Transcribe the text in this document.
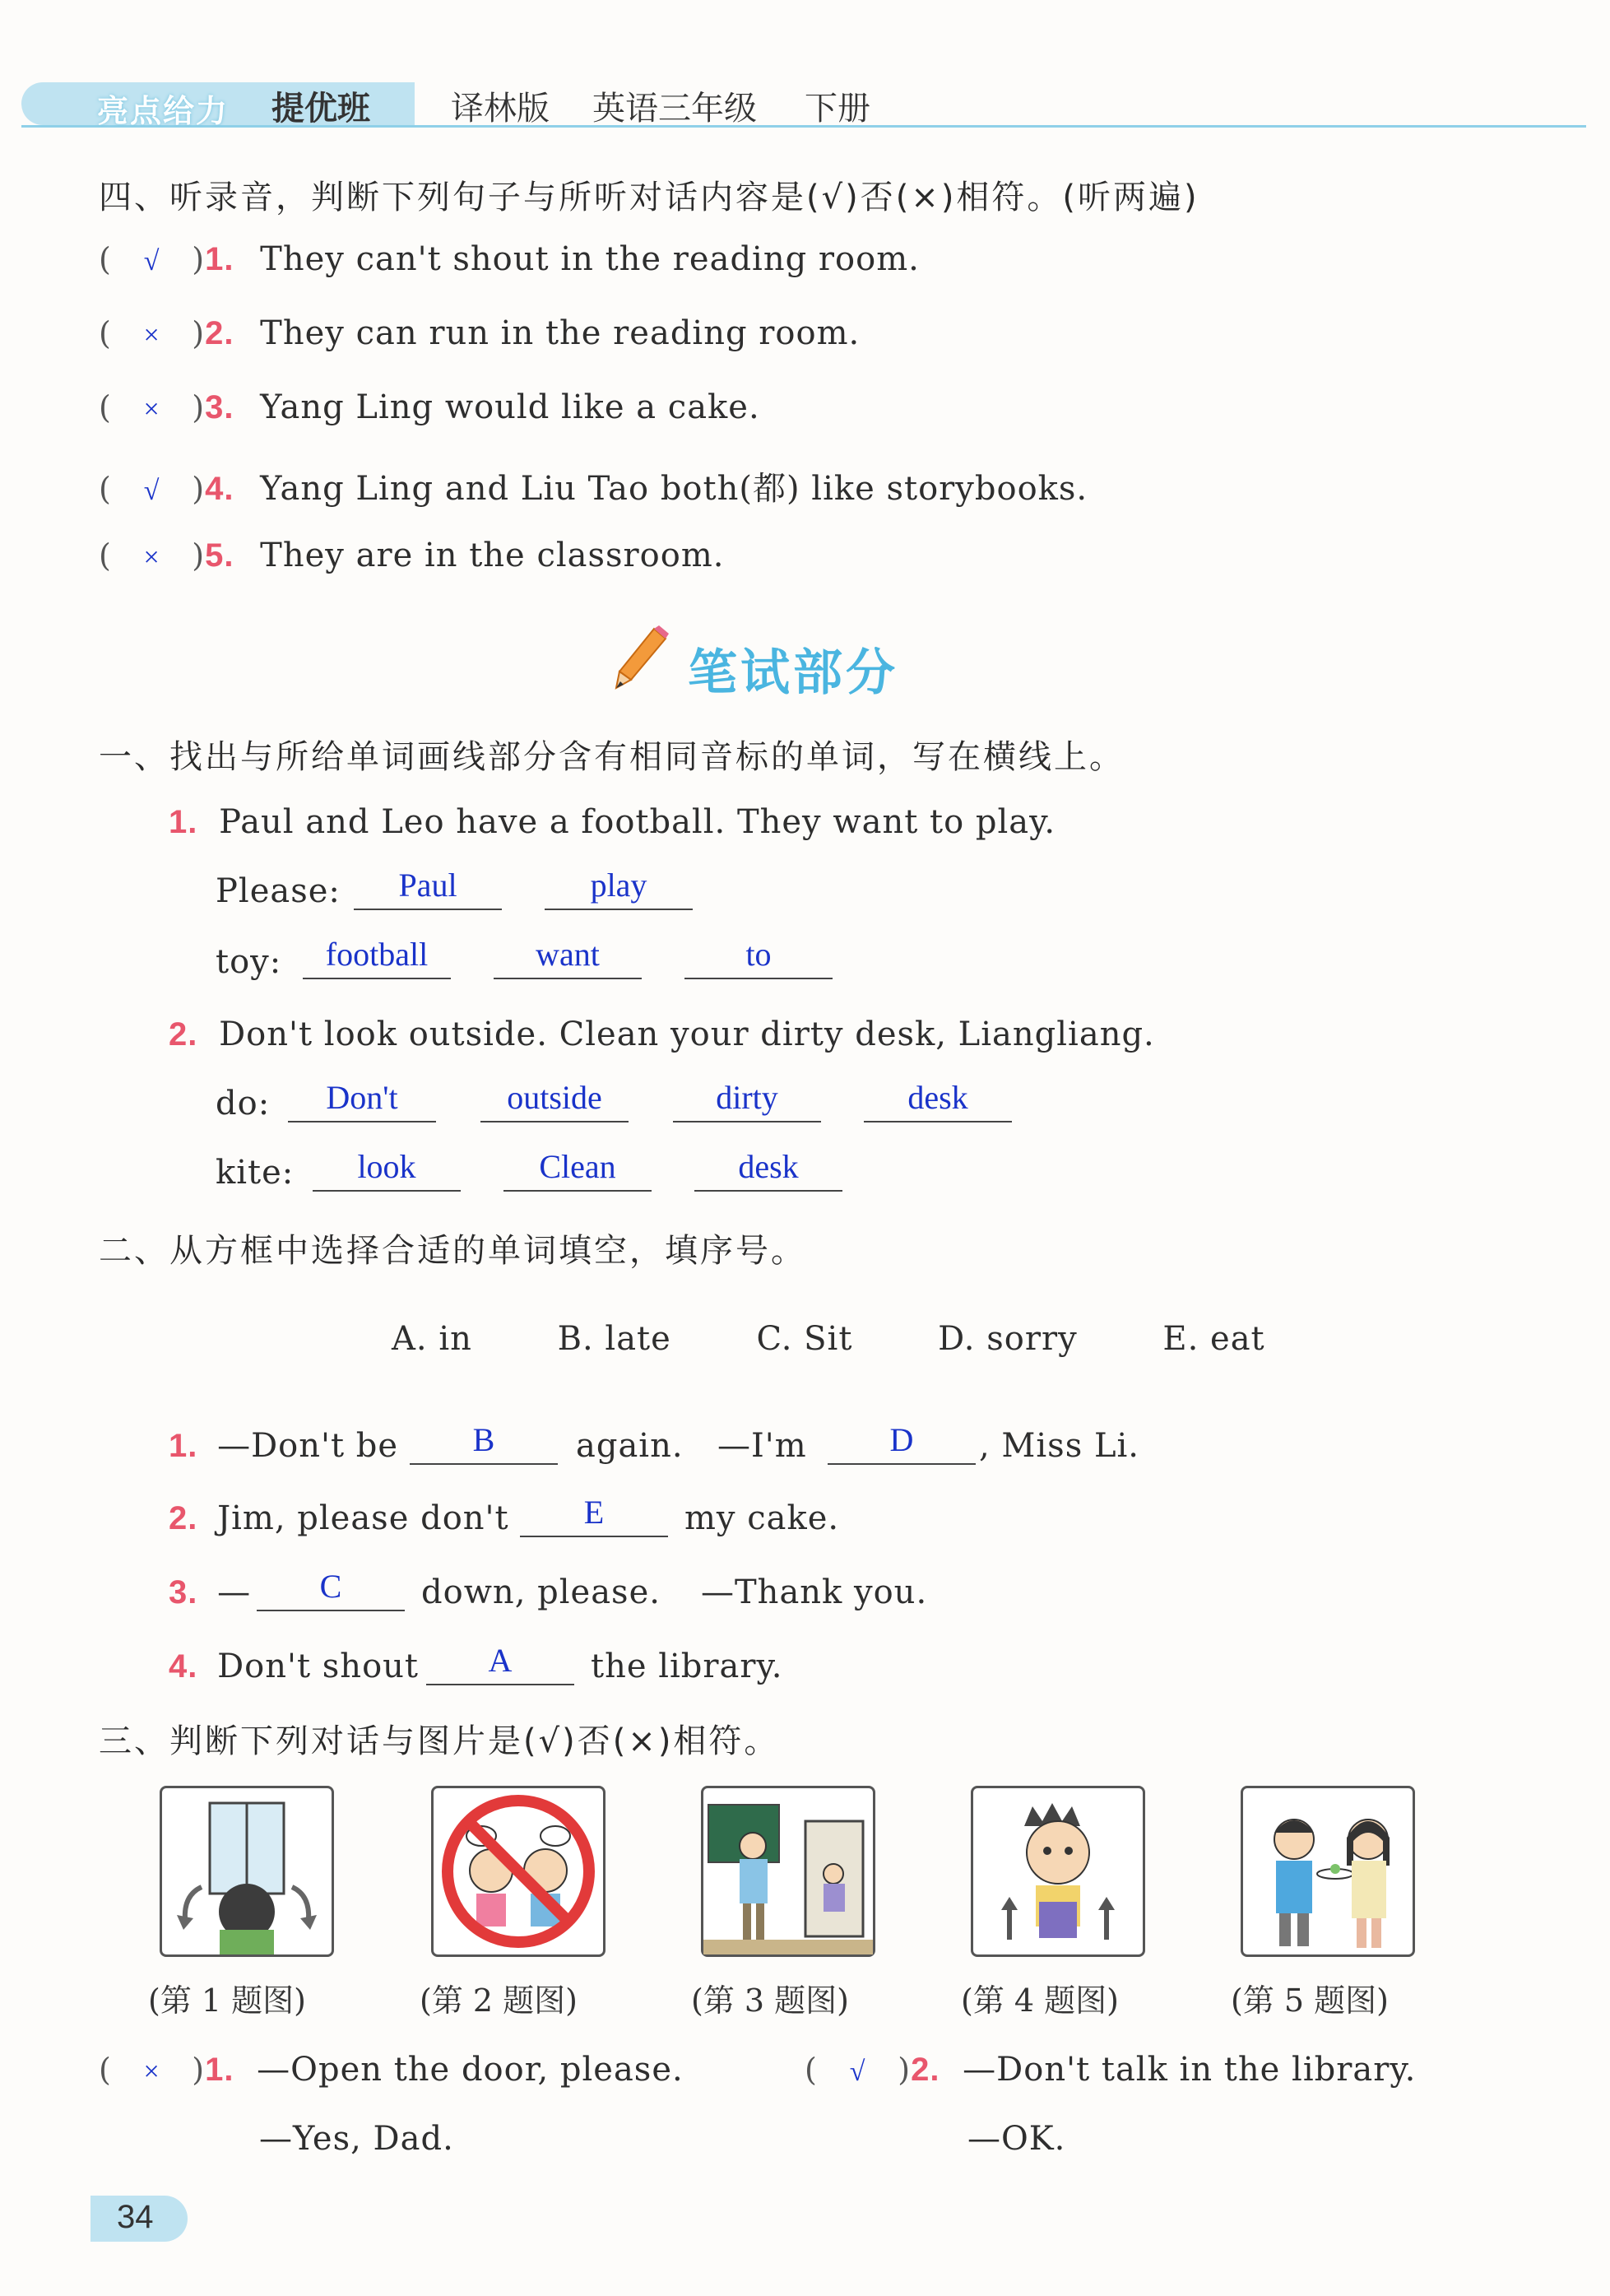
亮点给力 提优班 译林版 英语三年级 下册
四、听录音，判断下列句子与所听对话内容是(√)否(×)相符。(听两遍)
( √ )1. They can't shout in the reading room.
( × )2. They can run in the reading room.
( × )3. Yang Ling would like a cake.
( √ )4. Yang Ling and Liu Tao both(都) like storybooks.
( × )5. They are in the classroom.
笔试部分
一、找出与所给单词画线部分含有相同音标的单词，写在横线上。
1. Paul and Leo have a football. They want to play.
Please:	Paul	play
toy:	football	want	to
2. Don't look outside. Clean your dirty desk, Liangliang.
do:	Don't	outside	dirty	desk
kite:	look	Clean	desk
二、从方框中选择合适的单词填空，填序号。
A. in	B. late	C. Sit	D. sorry	E. eat
1. —Don't be	B	again. —I'm	D	, Miss Li.
2. Jim, please don't	E	my cake.
3. —	C	down, please. —Thank you.
4. Don't shout	A	the library.
三、判断下列对话与图片是(√)否(×)相符。
(第 1 题图)	(第 2 题图)	(第 3 题图)	(第 4 题图)	(第 5 题图)
( × )1. —Open the door, please.
—Yes, Dad.
( √ )2. —Don't talk in the library.
—OK.
34
